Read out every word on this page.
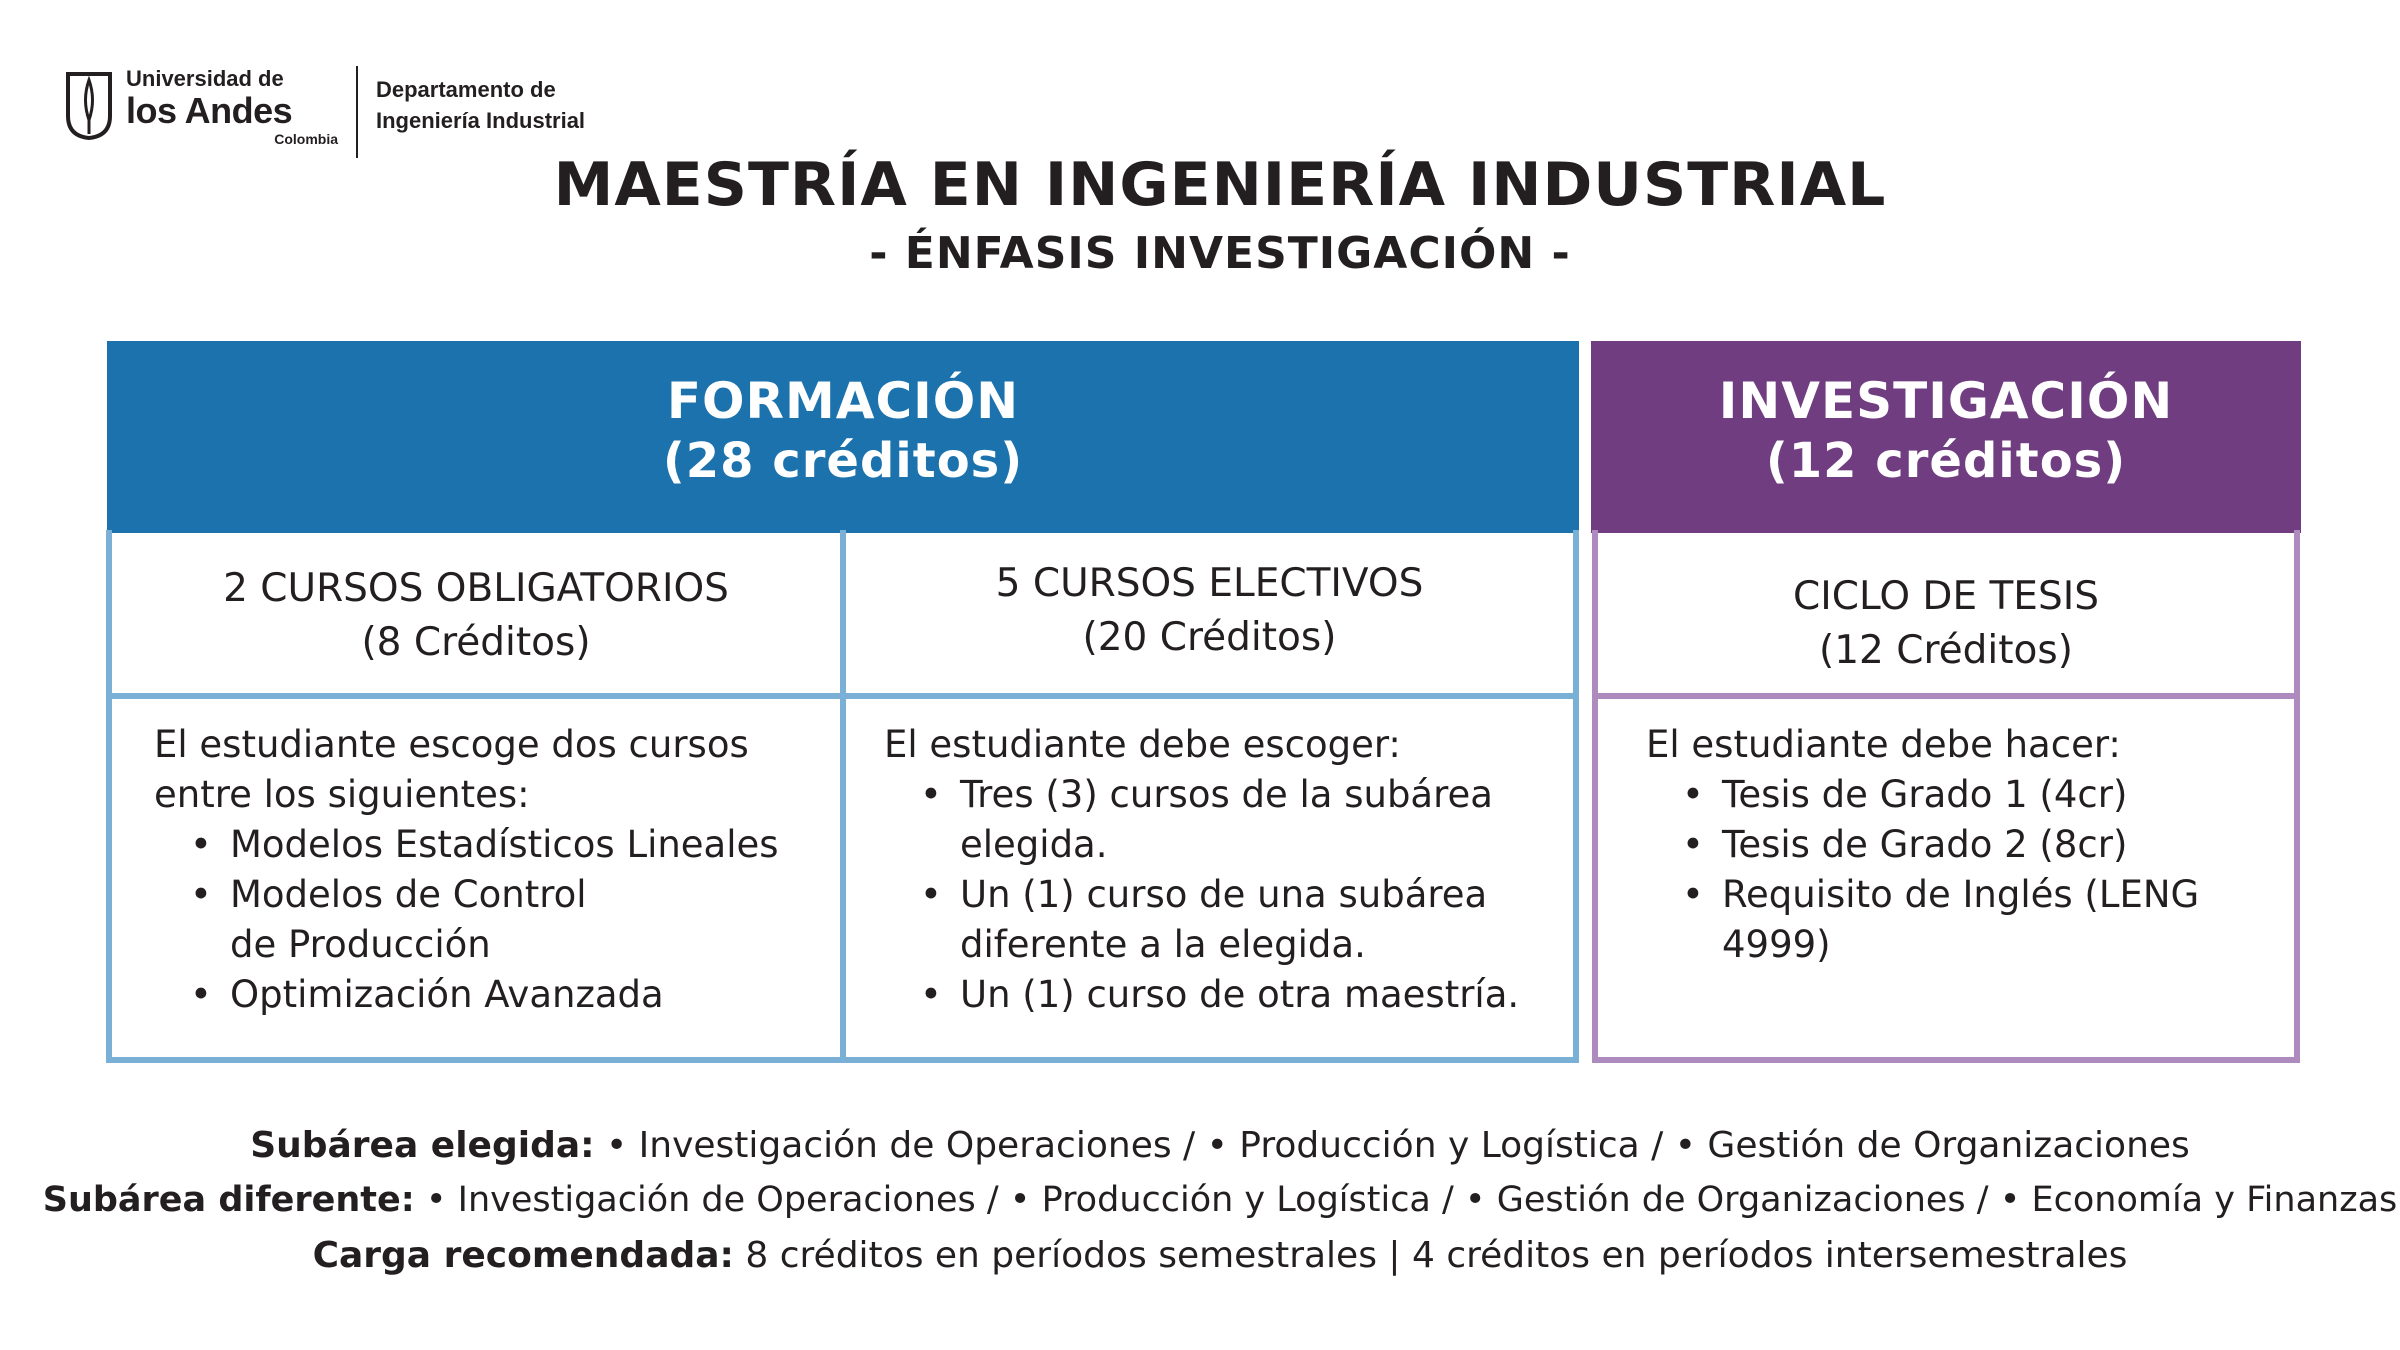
Universidad de
los Andes
Colombia
Departamento de
Ingeniería Industrial
MAESTRÍA EN INGENIERÍA INDUSTRIAL
- ÉNFASIS INVESTIGACIÓN -
FORMACIÓN
(28 créditos)
INVESTIGACIÓN
(12 créditos)
2 CURSOS OBLIGATORIOS
(8 Créditos)
5 CURSOS ELECTIVOS
(20 Créditos)
El estudiante escoge dos cursos
entre los siguientes:
• Modelos Estadísticos Lineales
• Modelos de Control
de Producción
• Optimización Avanzada
El estudiante debe escoger:
• Tres (3) cursos de la subárea
elegida.
• Un (1) curso de una subárea
diferente a la elegida.
• Un (1) curso de otra maestría.
CICLO DE TESIS
(12 Créditos)
El estudiante debe hacer:
• Tesis de Grado 1 (4cr)
• Tesis de Grado 2 (8cr)
• Requisito de Inglés (LENG
4999)
Subárea elegida: • Investigación de Operaciones / • Producción y Logística / • Gestión de Organizaciones
Subárea diferente: • Investigación de Operaciones / • Producción y Logística / • Gestión de Organizaciones / • Economía y Finanzas
Carga recomendada: 8 créditos en períodos semestrales | 4 créditos en períodos intersemestrales
